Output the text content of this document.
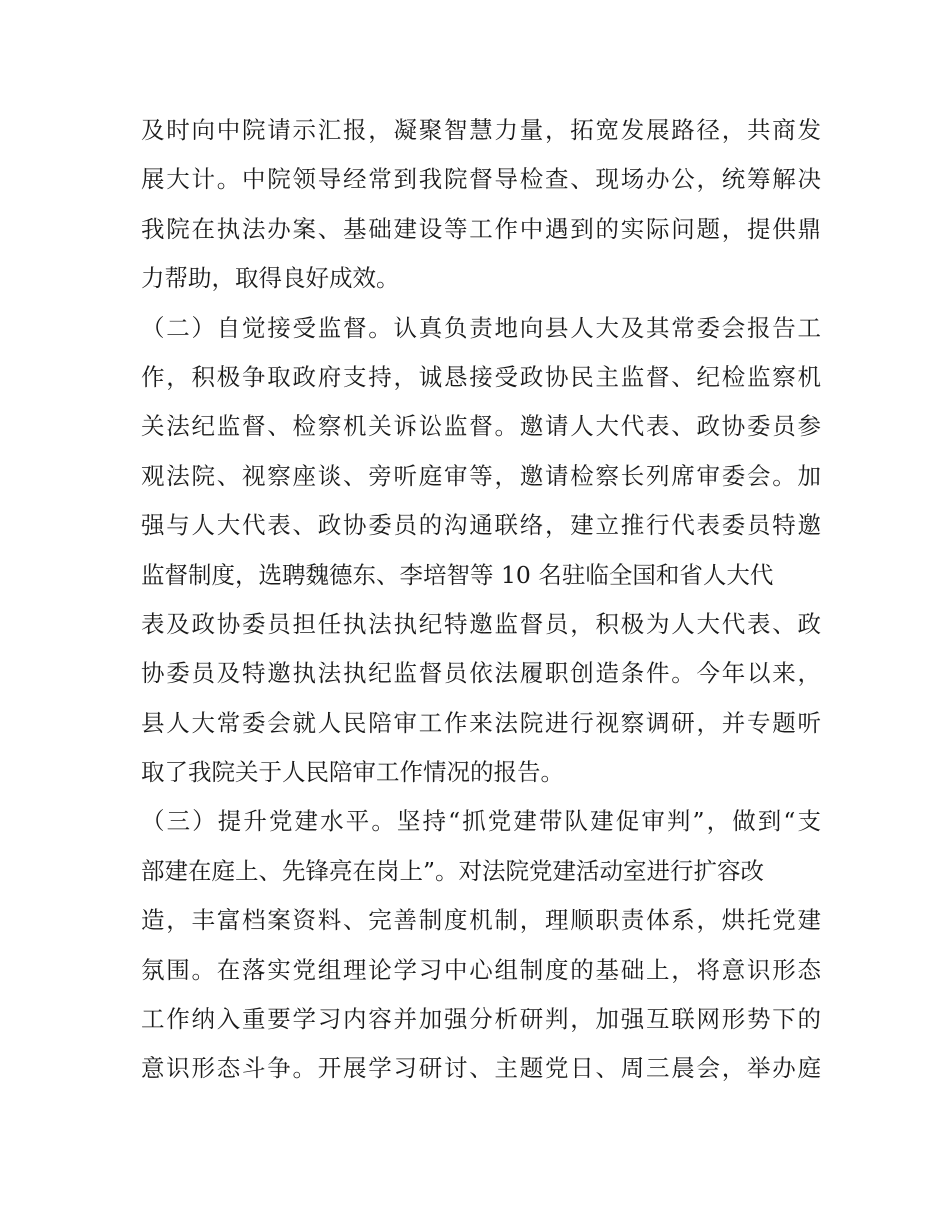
及时向中院请示汇报，凝聚智慧力量，拓宽发展路径，共商发
展大计。中院领导经常到我院督导检查、现场办公，统筹解决
我院在执法办案、基础建设等工作中遇到的实际问题，提供鼎
力帮助，取得良好成效。
（二）自觉接受监督。认真负责地向县人大及其常委会报告工
作，积极争取政府支持，诚恳接受政协民主监督、纪检监察机
关法纪监督、检察机关诉讼监督。邀请人大代表、政协委员参
观法院、视察座谈、旁听庭审等，邀请检察长列席审委会。加
强与人大代表、政协委员的沟通联络，建立推行代表委员特邀
监督制度，选聘魏德东、李培智等 10 名驻临全国和省人大代
表及政协委员担任执法执纪特邀监督员，积极为人大代表、政
协委员及特邀执法执纪监督员依法履职创造条件。今年以来，
县人大常委会就人民陪审工作来法院进行视察调研，并专题听
取了我院关于人民陪审工作情况的报告。
（三）提升党建水平。坚持“抓党建带队建促审判”，做到“支
部建在庭上、先锋亮在岗上”。对法院党建活动室进行扩容改
造，丰富档案资料、完善制度机制，理顺职责体系，烘托党建
氛围。在落实党组理论学习中心组制度的基础上，将意识形态
工作纳入重要学习内容并加强分析研判，加强互联网形势下的
意识形态斗争。开展学习研讨、主题党日、周三晨会，举办庭
